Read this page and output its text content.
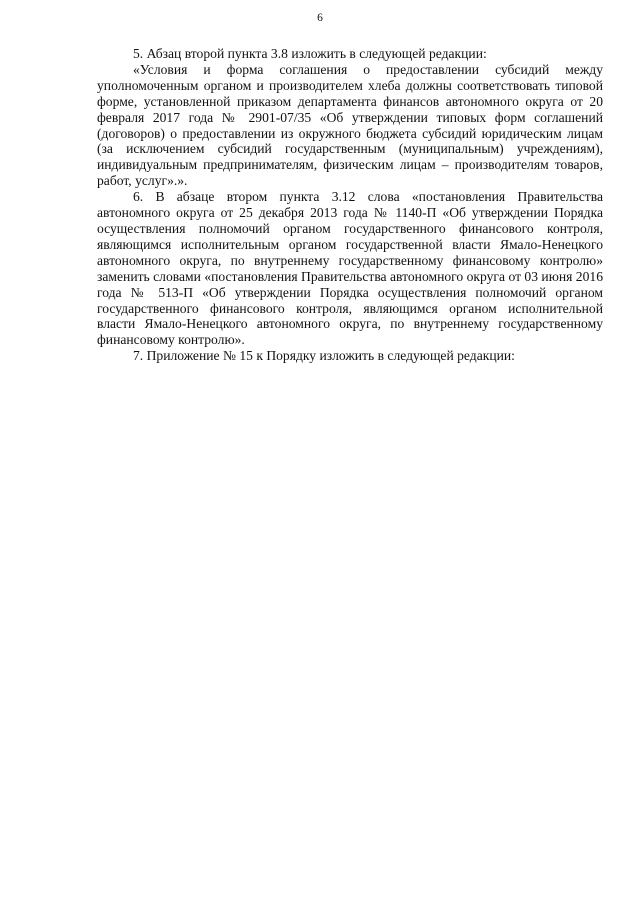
6

5. Абзац второй пункта 3.8 изложить в следующей редакции:

«Условия и форма соглашения о предоставлении субсидий между уполномоченным органом и производителем хлеба должны соответствовать типовой форме, установленной приказом департамента финансов автономного округа от 20 февраля 2017 года № 2901-07/35 «Об утверждении типовых форм соглашений (договоров) о предоставлении из окружного бюджета субсидий юридическим лицам (за исключением субсидий государственным (муниципальным) учреждениям), индивидуальным предпринимателям, физическим лицам – производителям товаров, работ, услуг».».

6. В абзаце втором пункта 3.12 слова «постановления Правительства автономного округа от 25 декабря 2013 года № 1140-П «Об утверждении Порядка осуществления полномочий органом государственного финансового контроля, являющимся исполнительным органом государственной власти Ямало-Ненецкого автономного округа, по внутреннему государственному финансовому контролю» заменить словами «постановления Правительства автономного округа от 03 июня 2016 года № 513-П «Об утверждении Порядка осуществления полномочий органом государственного финансового контроля, являющимся органом исполнительной власти Ямало-Ненецкого автономного округа, по внутреннему государственному финансовому контролю».

7. Приложение № 15 к Порядку изложить в следующей редакции:
